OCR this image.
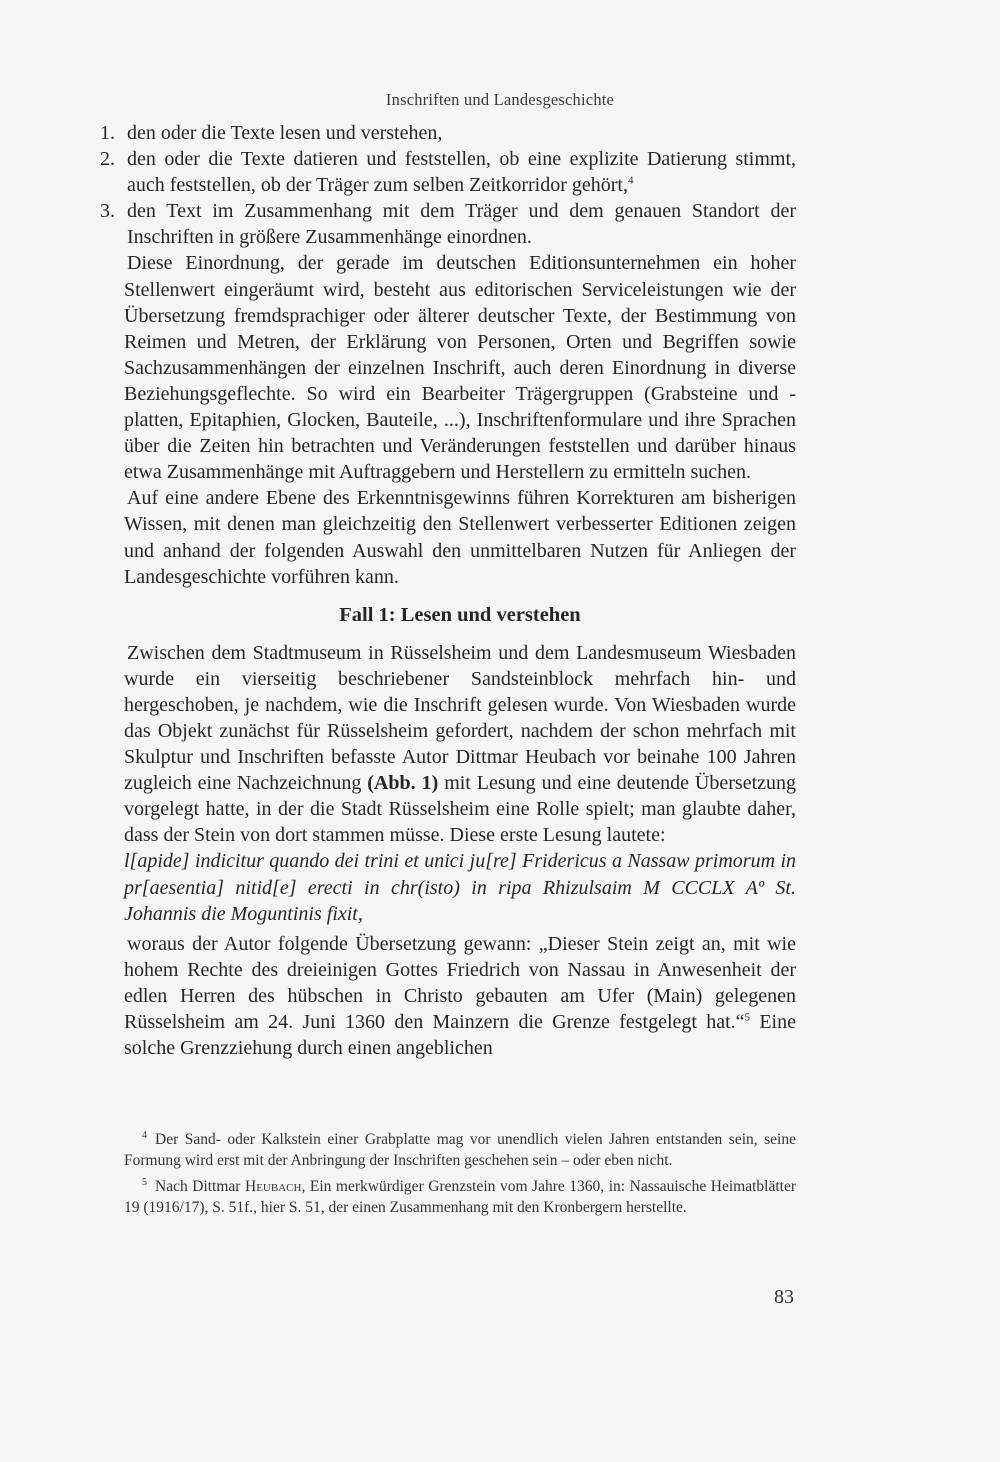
Inschriften und Landesgeschichte
1. den oder die Texte lesen und verstehen,
2. den oder die Texte datieren und feststellen, ob eine explizite Datierung stimmt, auch feststellen, ob der Träger zum selben Zeitkorridor gehört,$^4$
3. den Text im Zusammenhang mit dem Träger und dem genauen Standort der Inschriften in größere Zusammenhänge einordnen.

Diese Einordnung, der gerade im deutschen Editionsunternehmen ein hoher Stellenwert eingeräumt wird, besteht aus editorischen Serviceleistungen wie der Übersetzung fremdsprachiger oder älterer deutscher Texte, der Bestimmung von Reimen und Metren, der Erklärung von Personen, Orten und Begriffen sowie Sachzusammenhängen der einzelnen Inschrift, auch deren Einordnung in diverse Beziehungsgeflechte. So wird ein Bearbeiter Trägergruppen (Grabsteine und -platten, Epitaphien, Glocken, Bauteile, ...), Inschriftenformulare und ihre Sprachen über die Zeiten hin betrachten und Veränderungen feststellen und darüber hinaus etwa Zusammenhänge mit Auftraggebern und Herstellern zu ermitteln suchen.

Auf eine andere Ebene des Erkenntnisgewinns führen Korrekturen am bisherigen Wissen, mit denen man gleichzeitig den Stellenwert verbesserter Editionen zeigen und anhand der folgenden Auswahl den unmittelbaren Nutzen für Anliegen der Landesgeschichte vorführen kann.

Fall 1: Lesen und verstehen

Zwischen dem Stadtmuseum in Rüsselsheim und dem Landesmuseum Wiesbaden wurde ein vierseitig beschriebener Sandsteinblock mehrfach hin- und hergeschoben, je nachdem, wie die Inschrift gelesen wurde. Von Wiesbaden wurde das Objekt zunächst für Rüsselsheim gefordert, nachdem der schon mehrfach mit Skulptur und Inschriften befasste Autor Dittmar Heubach vor beinahe 100 Jahren zugleich eine Nachzeichnung (Abb. 1) mit Lesung und eine deutende Übersetzung vorgelegt hatte, in der die Stadt Rüsselsheim eine Rolle spielt; man glaubte daher, dass der Stein von dort stammen müsse. Diese erste Lesung lautete:

l[apide] indicitur quando dei trini et unici ju[re] Fridericus a Nassaw primorum in pr[aesentia] nitid[e] erecti in chr(isto) in ripa Rhizulsaim M CCCLX Aº St. Johannis die Moguntinis fixit,

woraus der Autor folgende Übersetzung gewann: „Dieser Stein zeigt an, mit wie hohem Rechte des dreieinigen Gottes Friedrich von Nassau in Anwesenheit der edlen Herren des hübschen in Christo gebauten am Ufer (Main) gelegenen Rüsselsheim am 24. Juni 1360 den Mainzern die Grenze festgelegt hat.“$^5$ Eine solche Grenzziehung durch einen angeblichen

$^4$ Der Sand- oder Kalkstein einer Grabplatte mag vor unendlich vielen Jahren entstanden sein, seine Formung wird erst mit der Anbringung der Inschriften geschehen sein – oder eben nicht.

$^5$ Nach Dittmar Heubach, Ein merkwürdiger Grenzstein vom Jahre 1360, in: Nassauische Heimatblätter 19 (1916/17), S. 51f., hier S. 51, der einen Zusammenhang mit den Kronbergern herstellte.

83
